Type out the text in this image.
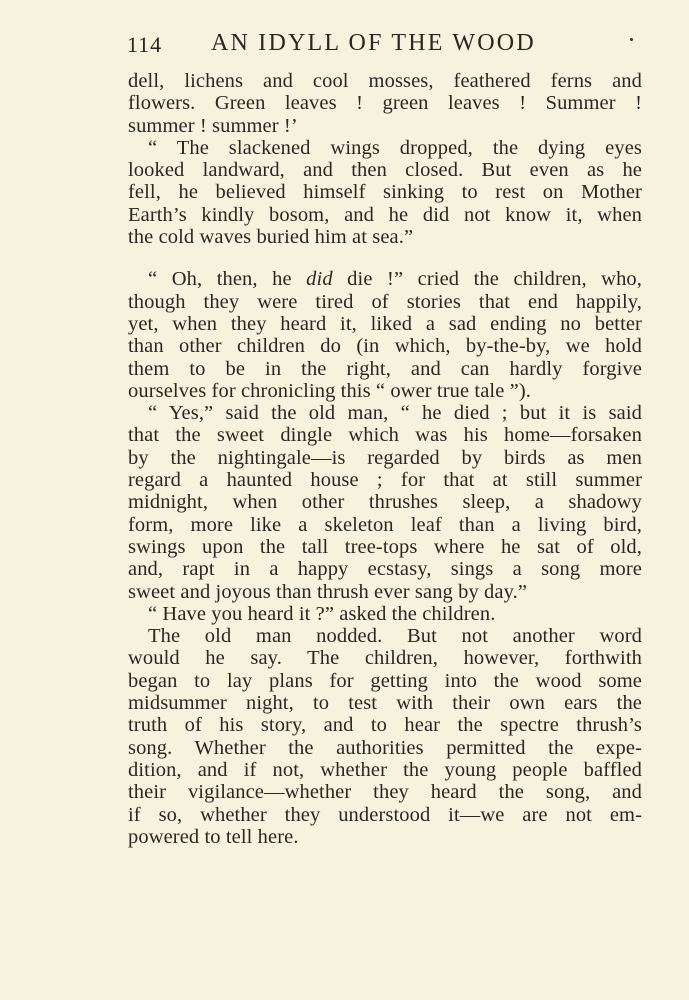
114 AN IDYLL OF THE WOOD
dell, lichens and cool mosses, feathered ferns and
flowers. Green leaves ! green leaves ! Summer !
summer ! summer !’
“ The slackened wings dropped, the dying eyes
looked landward, and then closed. But even as he
fell, he believed himself sinking to rest on Mother
Earth’s kindly bosom, and he did not know it, when
the cold waves buried him at sea.”
“ Oh, then, he did die !” cried the children, who,
though they were tired of stories that end happily,
yet, when they heard it, liked a sad ending no better
than other children do (in which, by-the-by, we hold
them to be in the right, and can hardly forgive
ourselves for chronicling this “ ower true tale ”).
“ Yes,” said the old man, “ he died ; but it is said
that the sweet dingle which was his home—forsaken
by the nightingale—is regarded by birds as men
regard a haunted house ; for that at still summer
midnight, when other thrushes sleep, a shadowy
form, more like a skeleton leaf than a living bird,
swings upon the tall tree-tops where he sat of old,
and, rapt in a happy ecstasy, sings a song more
sweet and joyous than thrush ever sang by day.”
“ Have you heard it ?” asked the children.
The old man nodded. But not another word
would he say. The children, however, forthwith
began to lay plans for getting into the wood some
midsummer night, to test with their own ears the
truth of his story, and to hear the spectre thrush’s
song. Whether the authorities permitted the expe-
dition, and if not, whether the young people baffled
their vigilance—whether they heard the song, and
if so, whether they understood it—we are not em-
powered to tell here.
